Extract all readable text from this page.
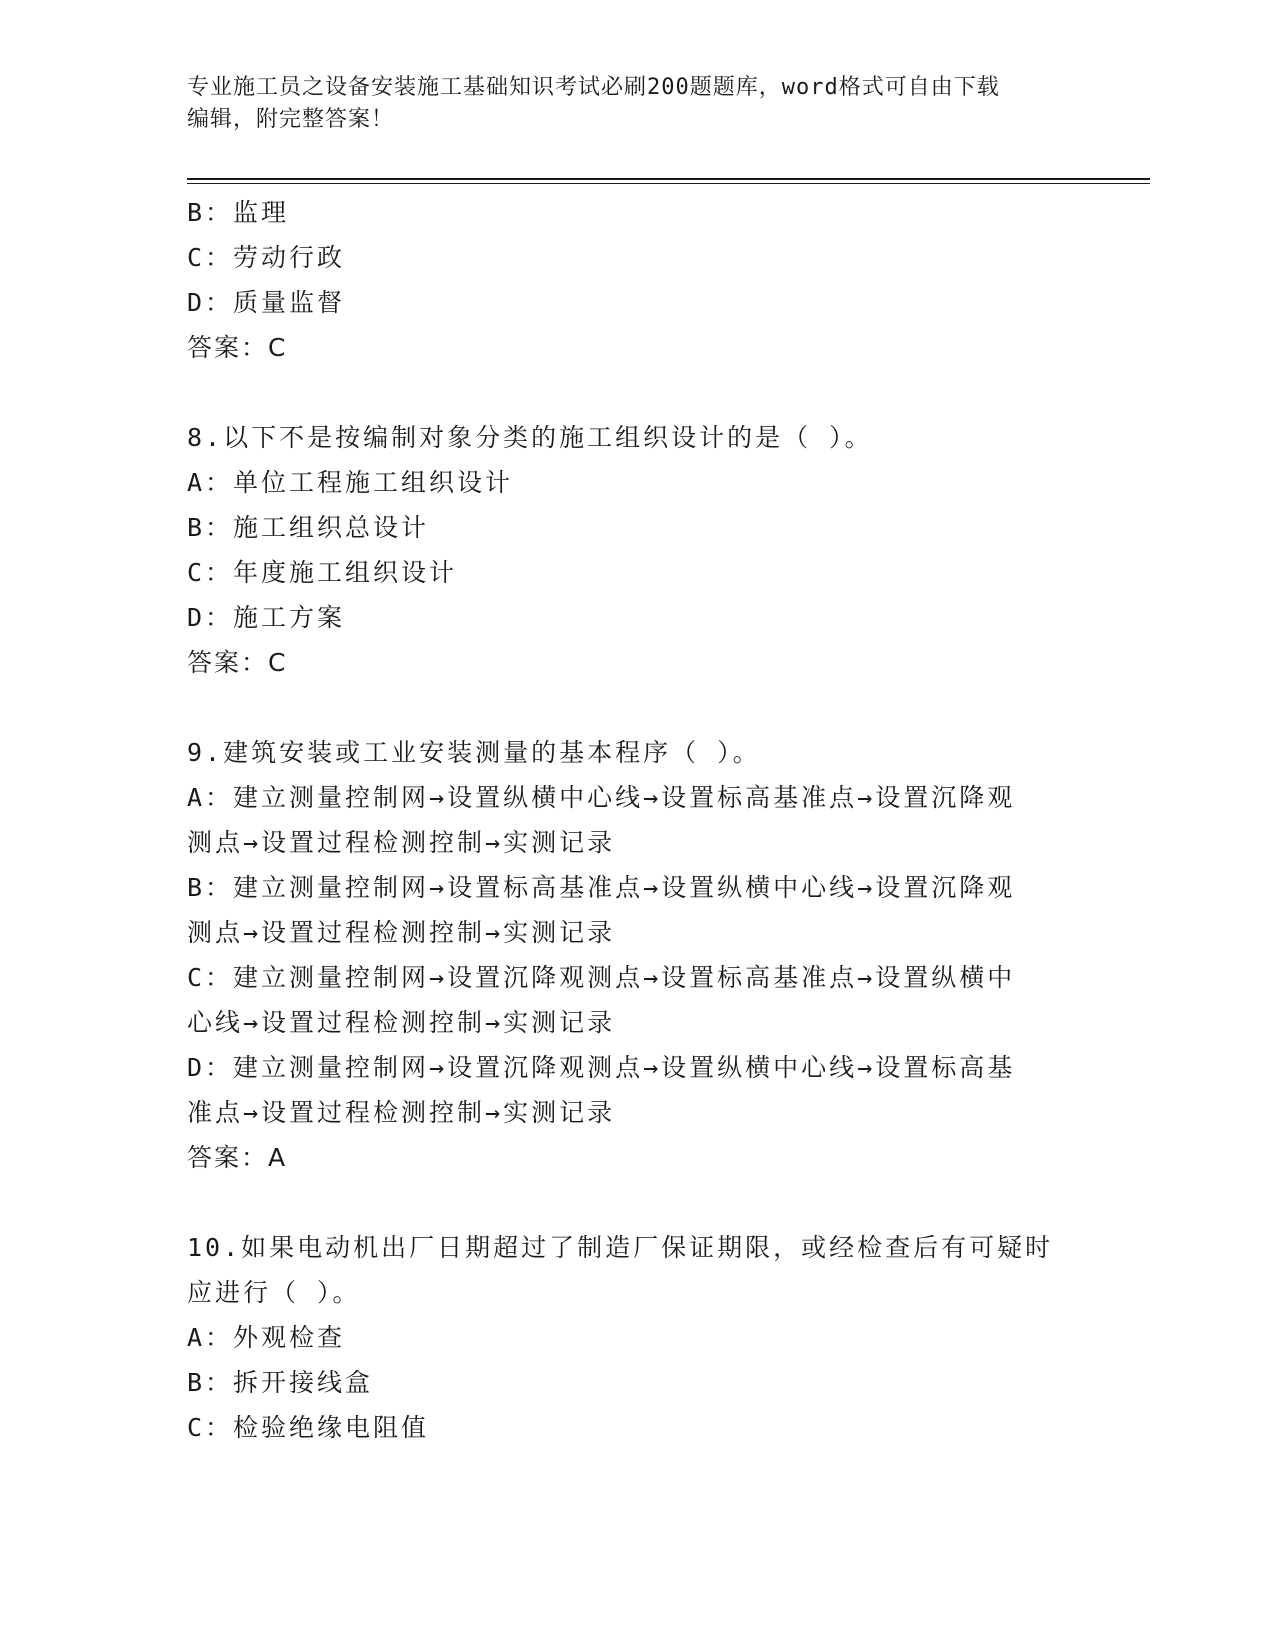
专业施工员之设备安装施工基础知识考试必刷200题题库，word格式可自由下载
编辑，附完整答案！
B：监理
C：劳动行政
D：质量监督
答案：C
8.以下不是按编制对象分类的施工组织设计的是（ ）。
A：单位工程施工组织设计
B：施工组织总设计
C：年度施工组织设计
D：施工方案
答案：C
9.建筑安装或工业安装测量的基本程序（ ）。
A：建立测量控制网→设置纵横中心线→设置标高基准点→设置沉降观
测点→设置过程检测控制→实测记录
B：建立测量控制网→设置标高基准点→设置纵横中心线→设置沉降观
测点→设置过程检测控制→实测记录
C：建立测量控制网→设置沉降观测点→设置标高基准点→设置纵横中
心线→设置过程检测控制→实测记录
D：建立测量控制网→设置沉降观测点→设置纵横中心线→设置标高基
准点→设置过程检测控制→实测记录
答案：A
10.如果电动机出厂日期超过了制造厂保证期限，或经检查后有可疑时
应进行（ ）。
A：外观检查
B：拆开接线盒
C：检验绝缘电阻值
